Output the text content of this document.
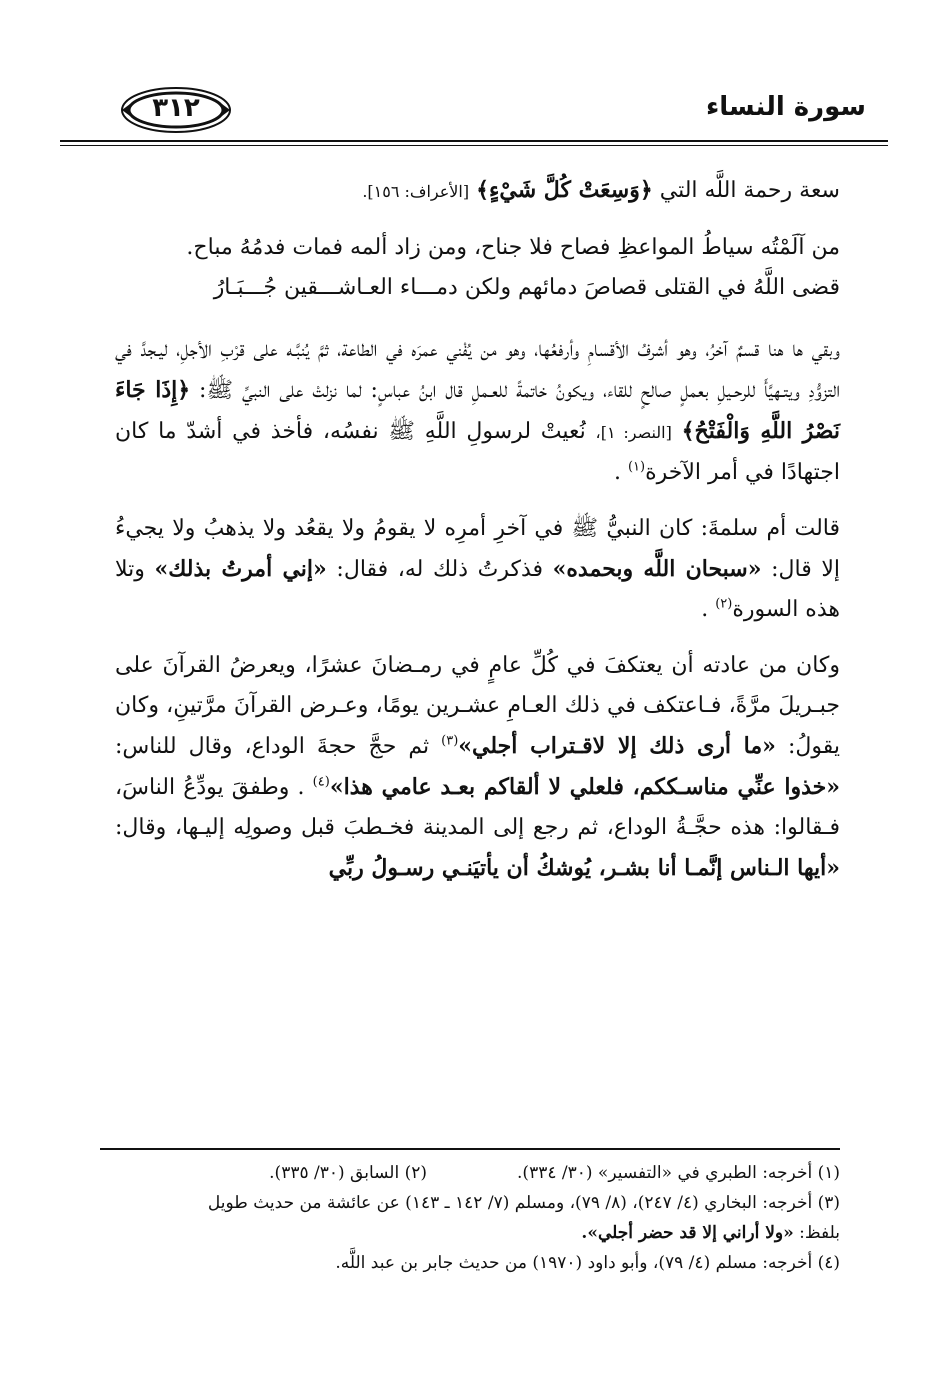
سورة النساء
٣١٢

سعة رحمة اللَّه التي ﴿وَسِعَتْ كُلَّ شَيْءٍ﴾ [الأعراف: ١٥٦].

من آلَمْتُه سياطُ المواعظِ فصاح فلا جناح، ومن زاد ألمه فمات فدمُهُ مباح.
قضى اللَّهُ في القتلى قصاصَ دمائهم ولكن دمـــاء العـاشـــقين جُـــبَـارُ

وبقي ها هنا قسمٌ آخرُ، وهو أشرفُ الأقسامِ وأرفعُها، وهو من يُفْني عمرَه في الطاعة، ثمَّ يُنبَّـه على قرْبِ الأجلِ، ليـجدَّ في التزوُّدِ ويتـهيَّأَ للرحـيلِ بعملٍ صالحٍ للقاء، ويكونُ خاتمةً للعـملِ قال ابنُ عباسٍ: لما نزلتْ على النبيِّ ﷺ: ﴿إِذَا جَاءَ نَصْرُ اللَّهِ وَالْفَتْحُ﴾ [النصر: ١]، نُعيتْ لرسولِ اللَّهِ ﷺ نفسُه، فأخذ في أشدّ ما كان اجتهادًا في أمر الآخرة$^{(١)}$ .

قالت أم سلمةَ: كان النبيُّ ﷺ في آخرِ أمرِه لا يقومُ ولا يقعُد ولا يذهبُ ولا يجيءُ إلا قال: «سبحان اللَّه وبحمده» فذكرتُ ذلك له، فقال: «إني أمرتُ بذلك» وتلا هذه السورة$^{(٢)}$ .

وكان من عادته أن يعتكفَ في كُلِّ عامٍ في رمـضانَ عشرًا، ويعرضُ القرآنَ على جبـريلَ مرَّةً، فـاعتكف في ذلك العـامِ عشـرين يومًا، وعـرض القرآنَ مرَّتينِ، وكان يقولُ: «ما أرى ذلك إلا لاقـتراب أجلي»$^{(٣)}$ ثم حجَّ حجةَ الوداع، وقال للناس: «خذوا عنِّي مناسـككم، فلعلي لا ألقاكم بعـد عامي هذا»$^{(٤)}$ . وطفقَ يودِّعُ الناسَ، فـقالوا: هذه حجَّـةُ الوداع، ثم رجع إلى المدينة فخـطبَ قبل وصولِه إليـها، وقال: «أيها الـناس إنَّمـا أنا بشـر، يُوشكُ أن يأتيَنـي رسـولُ ربِّي

(١) أخرجه: الطبري في «التفسير» (٣٠/ ٣٣٤).
(٢) السابق (٣٠/ ٣٣٥).
(٣) أخرجه: البخاري (٤/ ٢٤٧)، (٨/ ٧٩)، ومسلم (٧/ ١٤٢ ـ ١٤٣) عن عائشة من حديث طويل
بلفظ: «ولا أراني إلا قد حضر أجلي».
(٤) أخرجه: مسلم (٤/ ٧٩)، وأبو داود (١٩٧٠) من حديث جابر بن عبد اللَّه.
